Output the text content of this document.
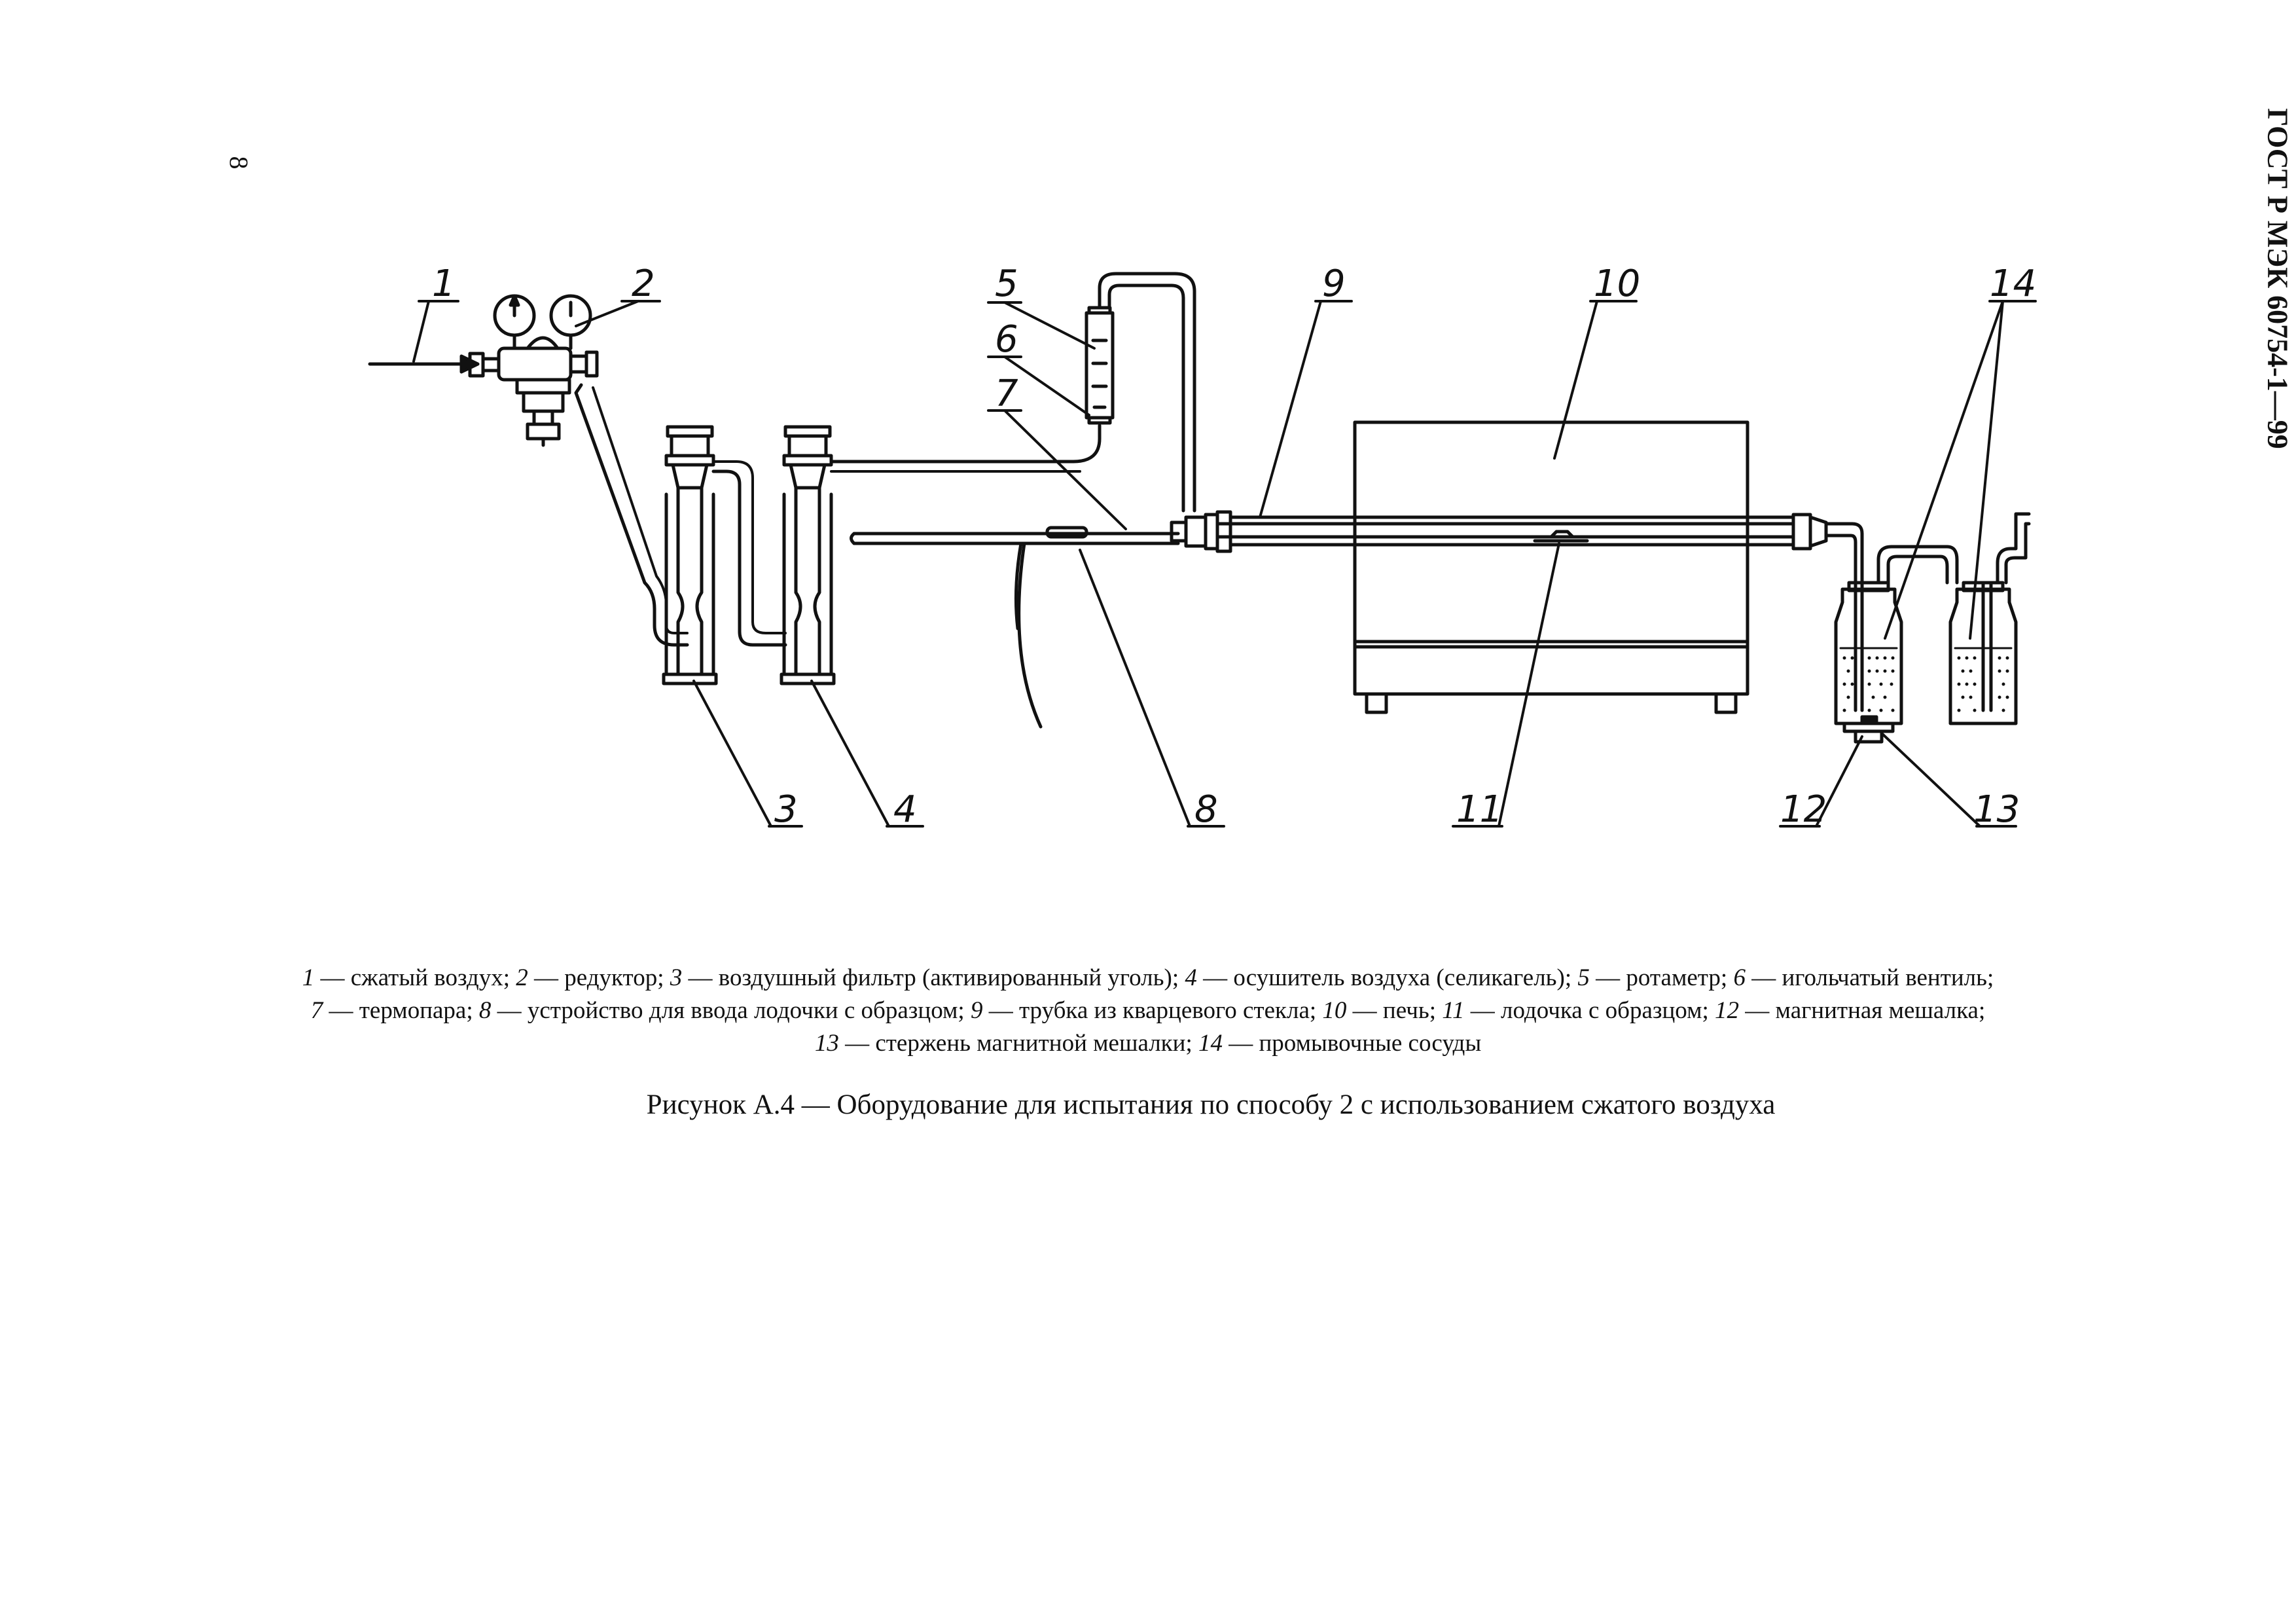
8	ГОСТ Р МЭК 60754-1—99
1	2
3	4
5
6
7
8
9	10
11	12	13
14
1 — сжатый воздух; 2 — редуктор; 3 — воздушный фильтр (активированный уголь); 4 — осушитель воздуха (селикагель); 5 — ротаметр; 6 — игольчатый вентиль;
7 — термопара; 8 — устройство для ввода лодочки с образцом; 9 — трубка из кварцевого стекла; 10 — печь; 11 — лодочка с образцом; 12 — магнитная мешалка;
13 — стержень магнитной мешалки; 14 — промывочные сосуды
Рисунок А.4 — Оборудование для испытания по способу 2 с использованием сжатого воздуха
